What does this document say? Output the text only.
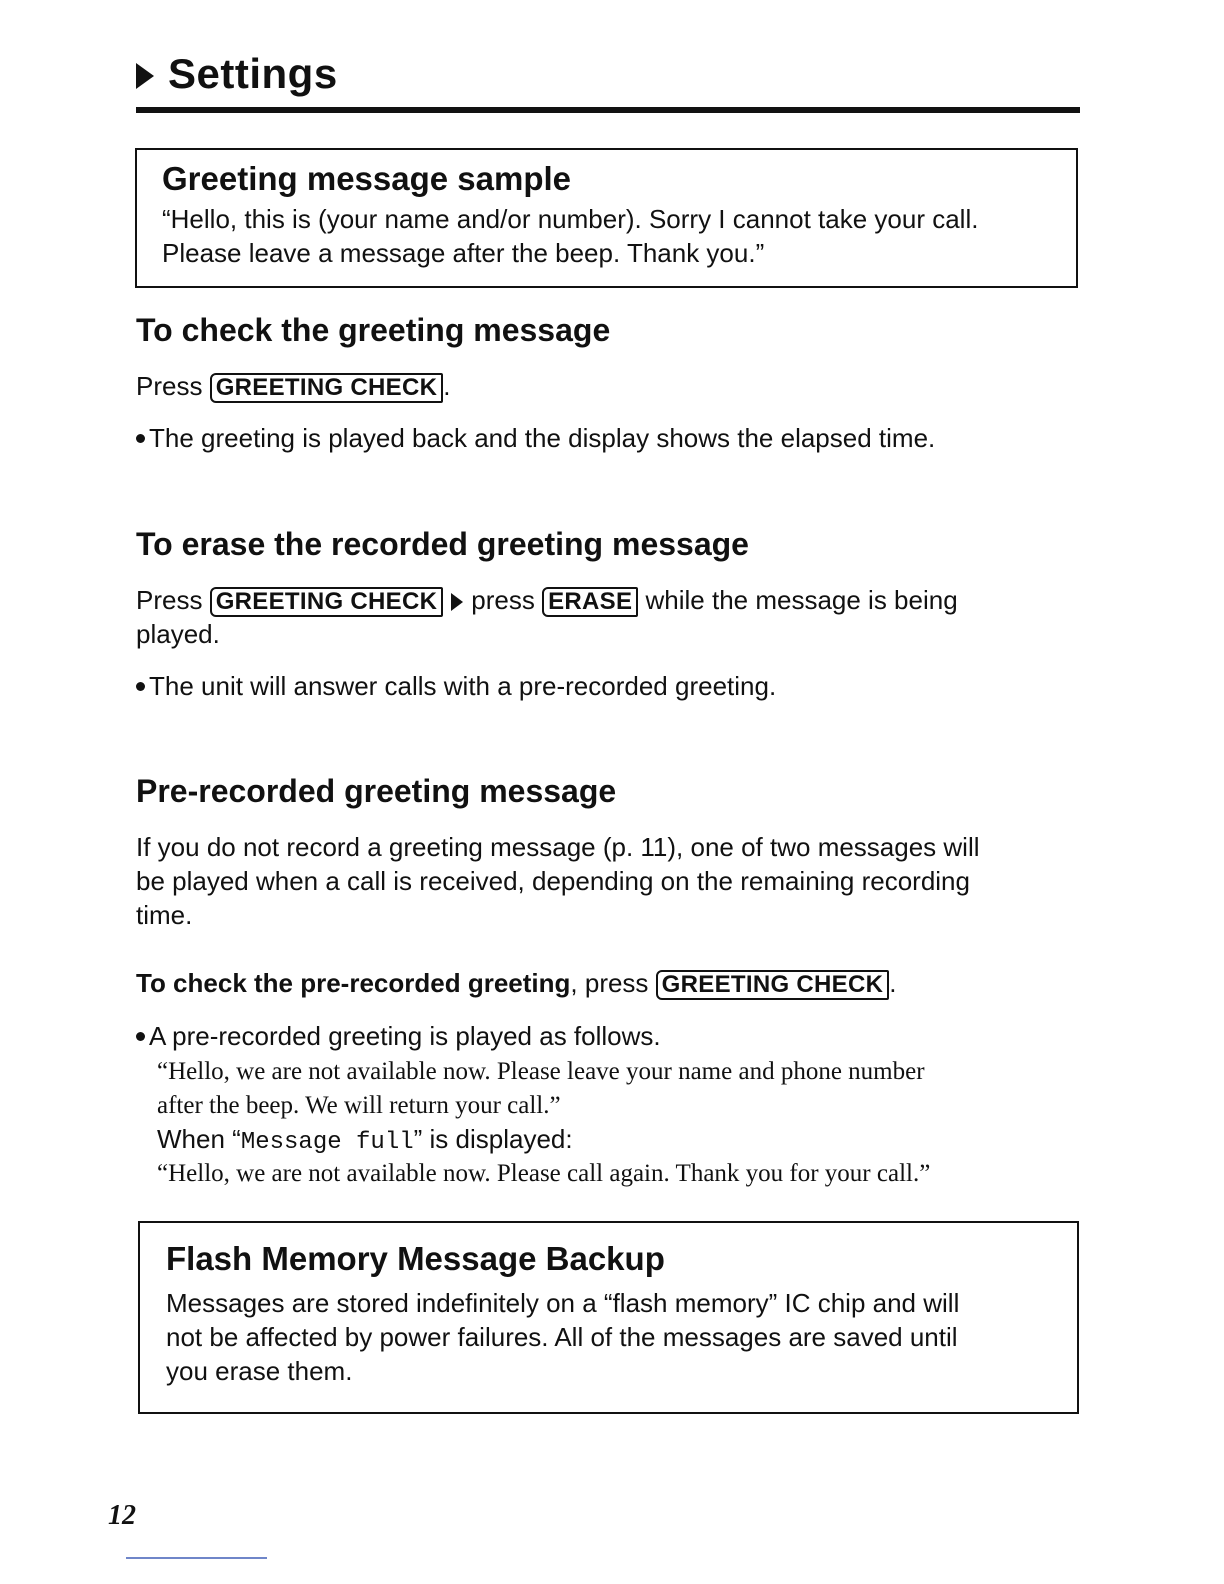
Settings
Greeting message sample
“Hello, this is (your name and/or number). Sorry I cannot take your call.
Please leave a message after the beep. Thank you.”
To check the greeting message
Press GREETING CHECK .
The greeting is played back and the display shows the elapsed time.
To erase the recorded greeting message
Press GREETING CHECK press ERASE while the message is being
played.
The unit will answer calls with a pre-recorded greeting.
Pre-recorded greeting message
If you do not record a greeting message (p. 11), one of two messages will
be played when a call is received, depending on the remaining recording
time.
To check the pre-recorded greeting, press GREETING CHECK .
A pre-recorded greeting is played as follows.
“Hello, we are not available now. Please leave your name and phone number
after the beep. We will return your call.”
When “Message full” is displayed:
“Hello, we are not available now. Please call again. Thank you for your call.”
Flash Memory Message Backup
Messages are stored indefinitely on a “flash memory” IC chip and will
not be affected by power failures. All of the messages are saved until
you erase them.
12
